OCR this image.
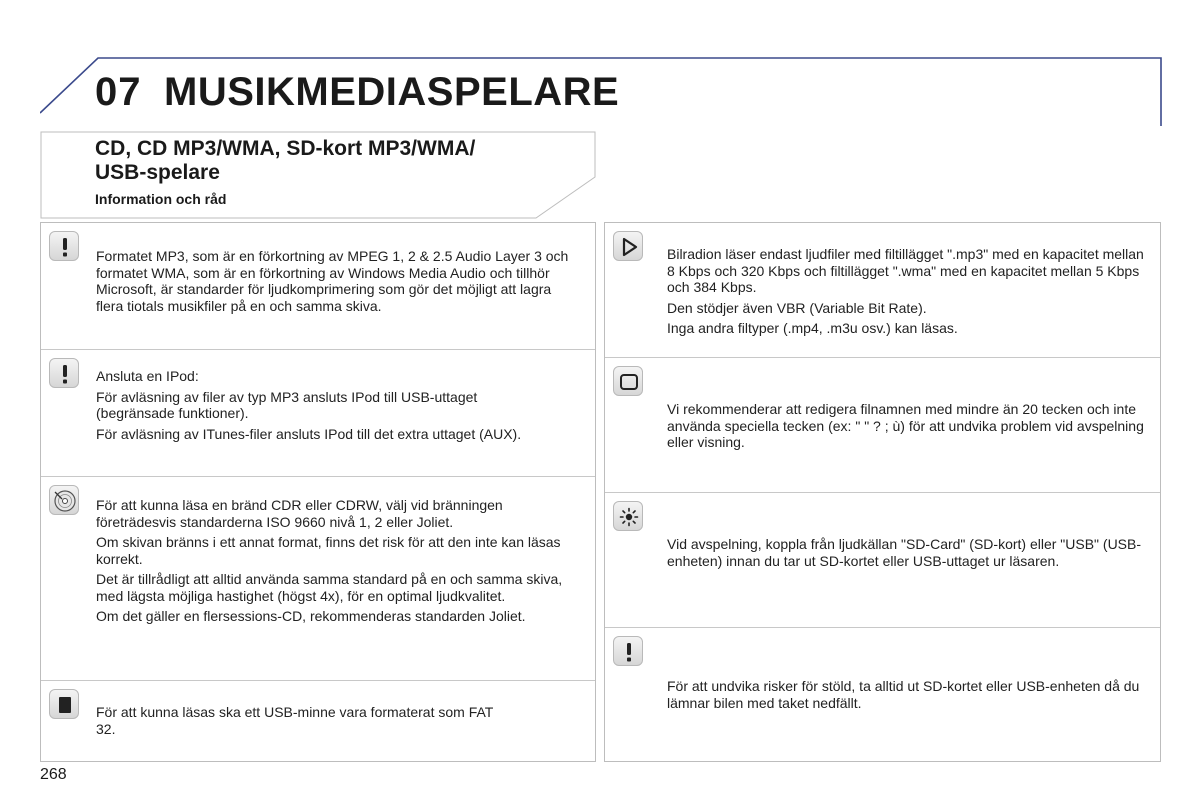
07 MUSIKMEDIASPELARE
CD, CD MP3/WMA, SD-kort MP3/WMA/
USB-spelare
Information och råd

Formatet MP3, som är en förkortning av MPEG 1, 2 & 2.5 Audio Layer 3 och formatet WMA, som är en förkortning av Windows Media Audio och tillhör Microsoft, är standarder för ljudkomprimering som gör det möjligt att lagra flera tiotals musikfiler på en och samma skiva.

Ansluta en IPod:

För avläsning av filer av typ MP3 ansluts IPod till USB-uttaget (begränsade funktioner).

För avläsning av ITunes-filer ansluts IPod till det extra uttaget (AUX).

För att kunna läsa en bränd CDR eller CDRW, välj vid bränningen företrädesvis standarderna ISO 9660 nivå 1, 2 eller Joliet.

Om skivan bränns i ett annat format, finns det risk för att den inte kan läsas korrekt.

Det är tillrådligt att alltid använda samma standard på en och samma skiva, med lägsta möjliga hastighet (högst 4x), för en optimal ljudkvalitet.

Om det gäller en flersessions-CD, rekommenderas standarden Joliet.

För att kunna läsas ska ett USB-minne vara formaterat som FAT 32.

Bilradion läser endast ljudfiler med filtillägget ".mp3" med en kapacitet mellan 8 Kbps och 320 Kbps och filtillägget ".wma" med en kapacitet mellan 5 Kbps och 384 Kbps.

Den stödjer även VBR (Variable Bit Rate).

Inga andra filtyper (.mp4, .m3u osv.) kan läsas.

Vi rekommenderar att redigera filnamnen med mindre än 20 tecken och inte använda speciella tecken (ex: " " ? ; ù) för att undvika problem vid avspelning eller visning.

Vid avspelning, koppla från ljudkällan "SD-Card" (SD-kort) eller "USB" (USB-enheten) innan du tar ut SD-kortet eller USB-uttaget ur läsaren.

För att undvika risker för stöld, ta alltid ut SD-kortet eller USB-enheten då du lämnar bilen med taket nedfällt.

268
